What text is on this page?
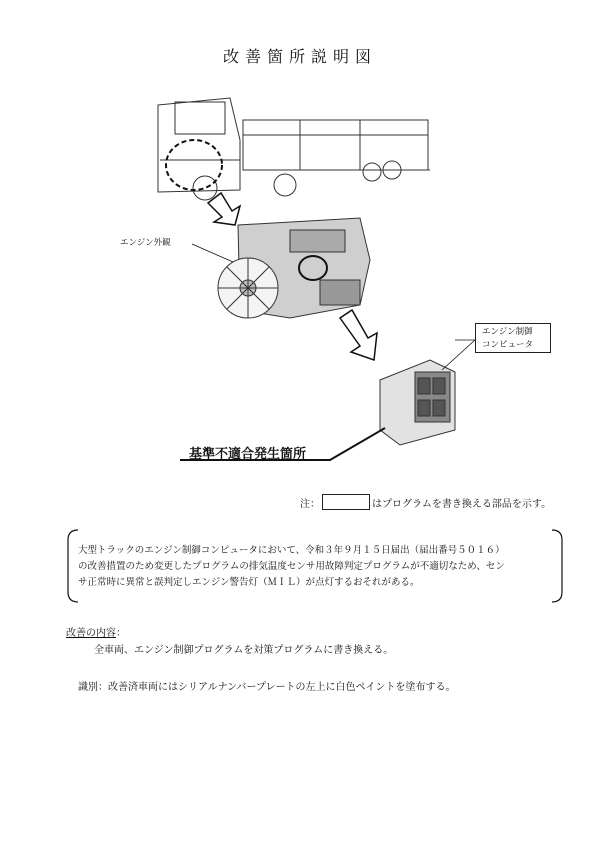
改善箇所説明図
エンジン外観
エンジン制御
コンピュータ
基準不適合発生箇所
注：	はプログラムを書き換える部品を示す。
大型トラックのエンジン制御コンピュータにおいて、令和３年９月１５日届出（届出番号５０１６）
の改善措置のため変更したプログラムの排気温度センサ用故障判定プログラムが不適切なため、セン
サ正常時に異常と誤判定しエンジン警告灯（ＭＩＬ）が点灯するおそれがある。
改善の内容：
全車両、エンジン制御プログラムを対策プログラムに書き換える。
識別：改善済車両にはシリアルナンバープレートの左上に白色ペイントを塗布する。
